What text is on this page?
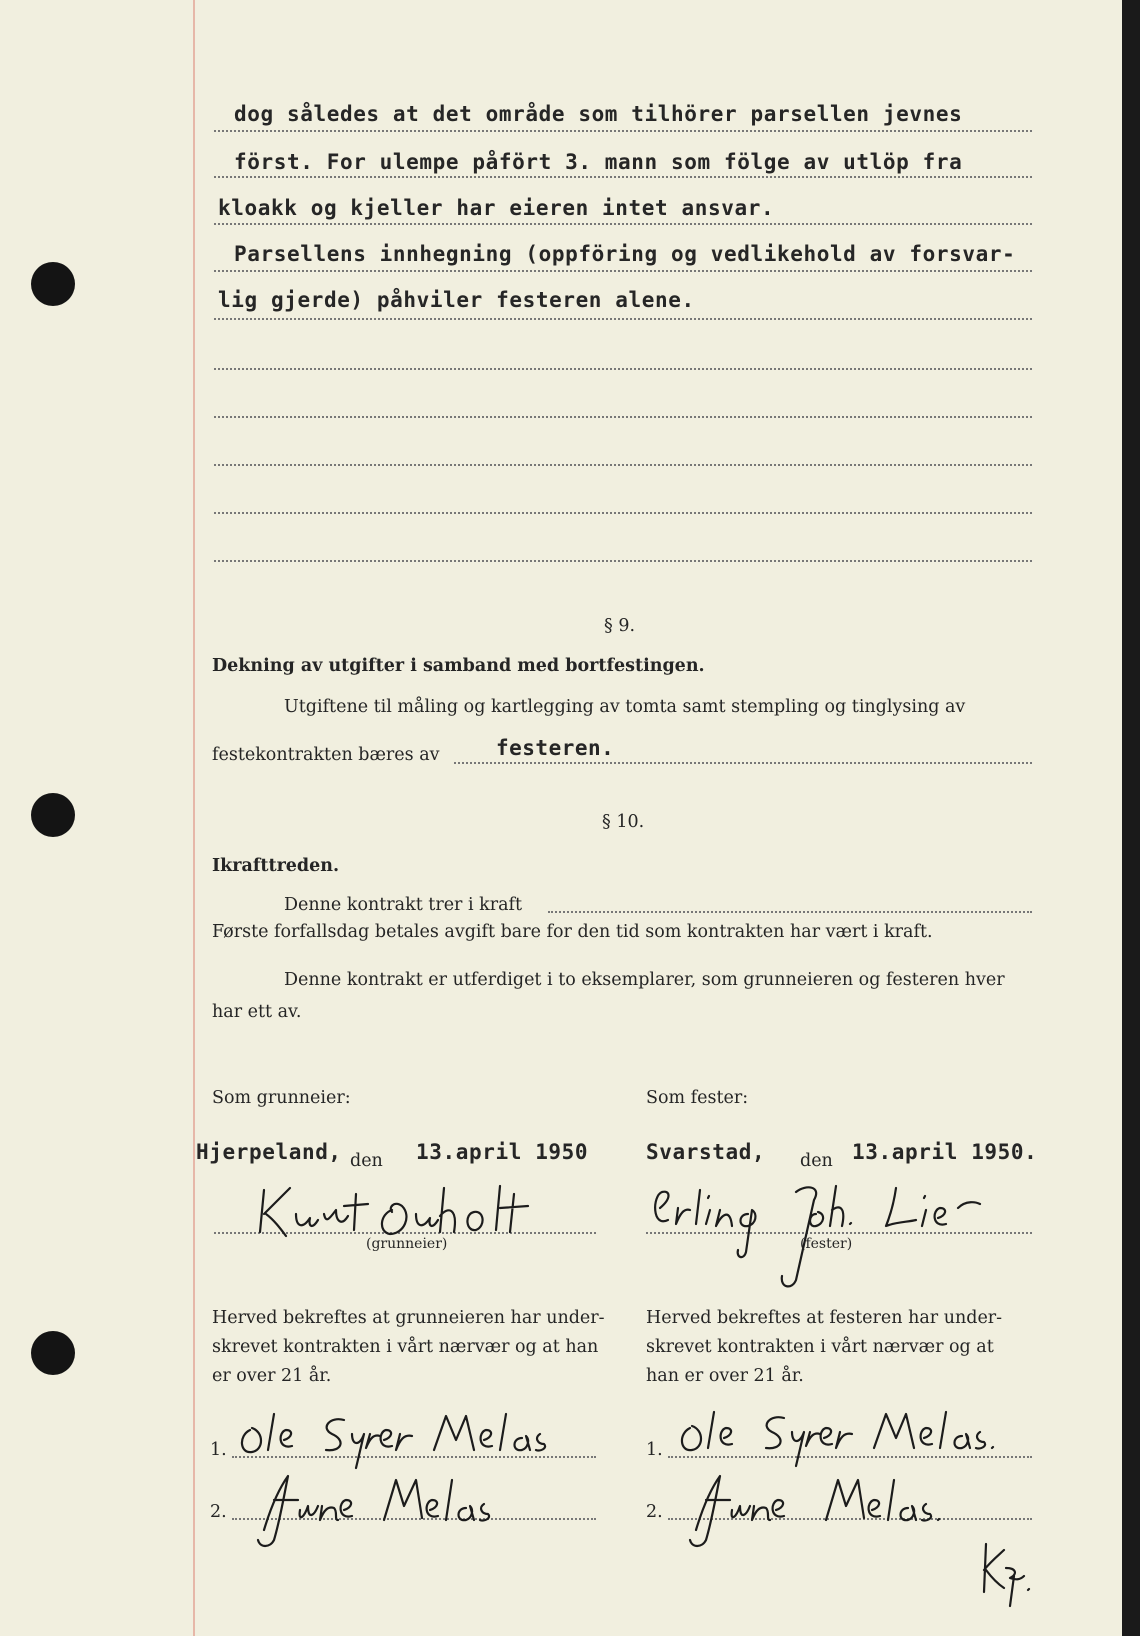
dog således at det område som tilhörer parsellen jevnes
först. For ulempe påfört 3. mann som fölge av utlöp fra
kloakk og kjeller har eieren intet ansvar.
Parsellens innhegning (oppföring og vedlikehold av forsvar-
lig gjerde) påhviler festeren alene.
§ 9.
Dekning av utgifter i samband med bortfestingen.
Utgiftene til måling og kartlegging av tomta samt stempling og tinglysing av
festekontrakten bæres av	festeren.
§ 10.
Ikrafttreden.
Denne kontrakt trer i kraft
Første forfallsdag betales avgift bare for den tid som kontrakten har vært i kraft.
Denne kontrakt er utferdiget i to eksemplarer, som grunneieren og festeren hver
har ett av.
Som grunneier:
Hjerpeland, den 13.april 1950
(grunneier)
Herved bekreftes at grunneieren har under-
skrevet kontrakten i vårt nærvær og at han
er over 21 år.
1.
2.
Som fester:
Svarstad, den 13.april 1950.
(fester)
Herved bekreftes at festeren har under-
skrevet kontrakten i vårt nærvær og at
han er over 21 år.
1.
2.
